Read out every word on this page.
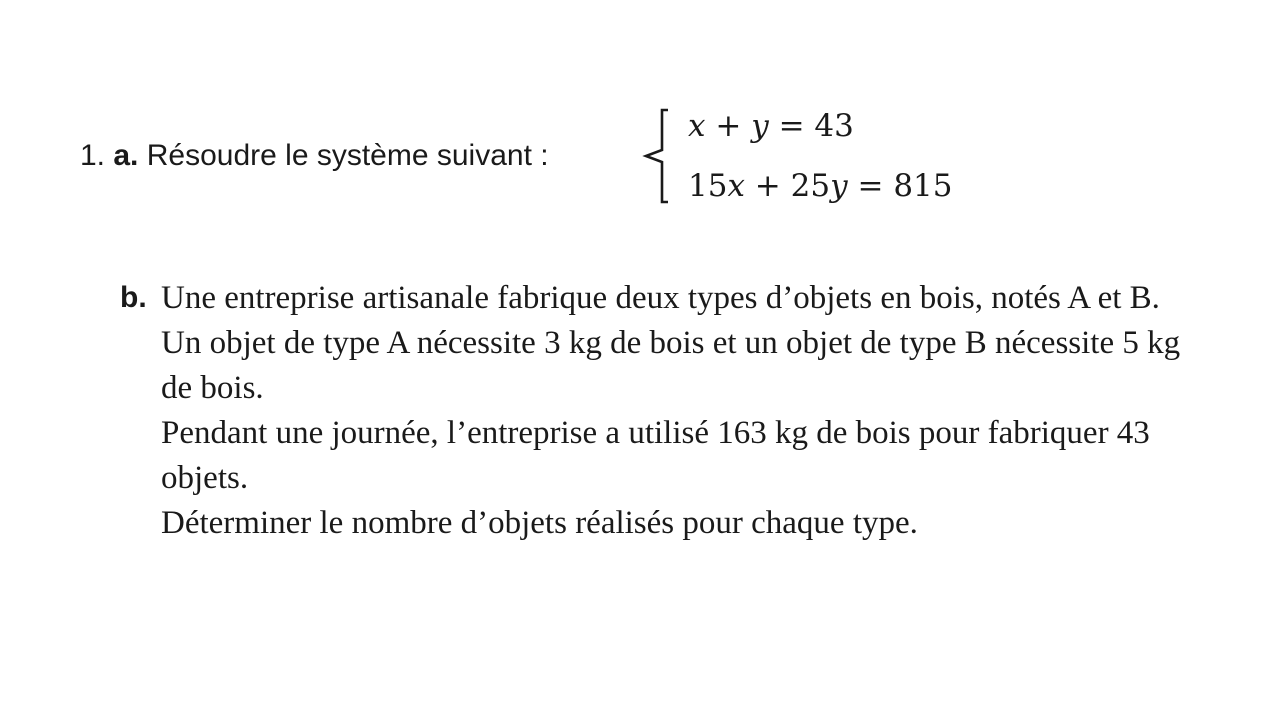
1. a. Résoudre le système suivant :
x + y = 43
15x + 25y = 815
b. Une entreprise artisanale fabrique deux types d’objets en bois, notés A et B.

Un objet de type A nécessite 3 kg de bois et un objet de type B nécessite 5 kg de bois.

Pendant une journée, l’entreprise a utilisé 163 kg de bois pour fabriquer 43 objets.

Déterminer le nombre d’objets réalisés pour chaque type.
